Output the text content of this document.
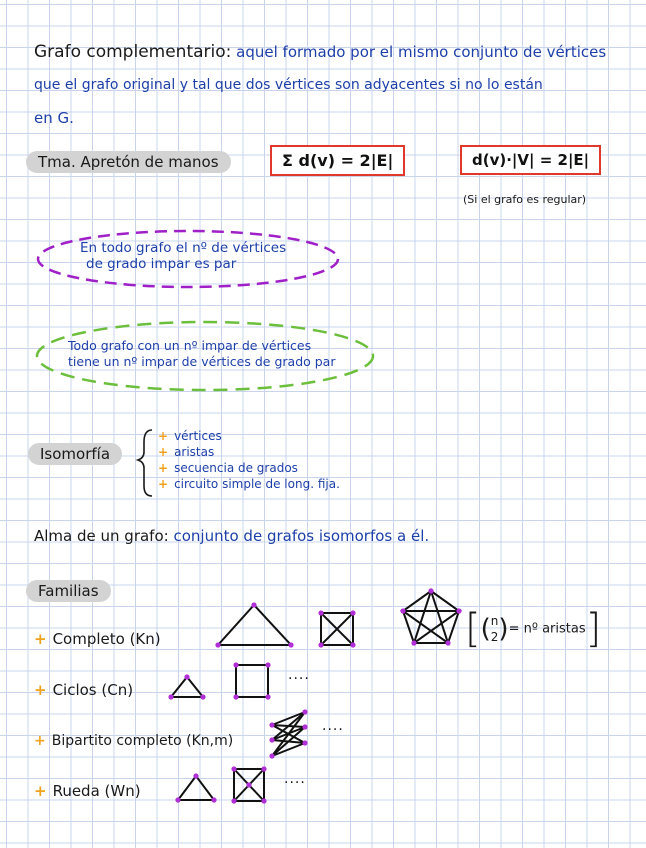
Grafo complementario: aquel formado por el mismo conjunto de vértices
que el grafo original y tal que dos vértices son adyacentes si no lo están
en G.
Tma. Apretón de manos	Σ d(v) = 2|E|	d(v)·|V| = 2|E|
(Si el grafo es regular)
En todo grafo el nº de vértices
de grado impar es par
Todo grafo con un nº impar de vértices
tiene un nº impar de vértices de grado par
Isomorfía
+ vértices
+ aristas
+ secuencia de grados
+ circuito simple de long. fija.
Alma de un grafo: conjunto de grafos isomorfos a él.
Familias
+ Completo (Kn)
+ Ciclos (Cn)
+ Bipartito completo (Kn,m)
+ Rueda (Wn)
[(n
2)= nº aristas]
····
····
····
